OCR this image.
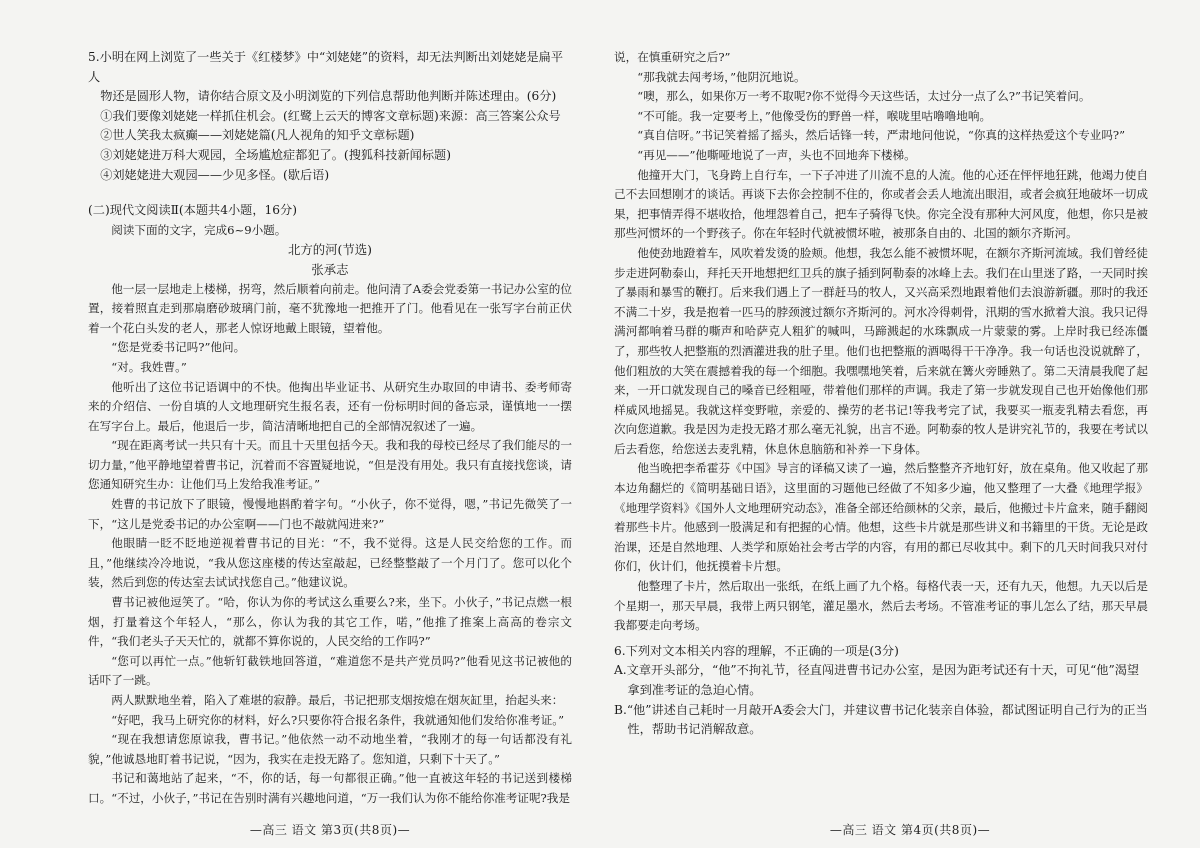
5.小明在网上浏览了一些关于《红楼梦》中“刘姥姥”的资料，却无法判断出刘姥姥是扁平人

物还是圆形人物，请你结合原文及小明浏览的下列信息帮助他判断并陈述理由。(6分)

①我们要像刘姥姥一样抓住机会。(红鹭上云天的博客文章标题)来源：高三答案公众号

②世人笑我太疯癫——刘姥姥篇(凡人视角的知乎文章标题)

③刘姥姥进万科大观园，全场尴尬症都犯了。(搜狐科技新闻标题)

④刘姥姥进大观园——少见多怪。(歇后语)

(二)现代文阅读Ⅱ(本题共4小题，16分)

阅读下面的文字，完成6~9小题。

北方的河(节选)

张承志

他一层一层地走上楼梯，拐弯，然后顺着向前走。他问清了A委会党委第一书记办公室的位置，接着照直走到那扇磨砂玻璃门前，毫不犹豫地一把推开了门。他看见在一张写字台前正伏着一个花白头发的老人，那老人惊讶地戴上眼镜，望着他。

“您是党委书记吗?”他问。

“对。我姓曹。”

他听出了这位书记语调中的不快。他掏出毕业证书、从研究生办取回的申请书、委考师寄来的介绍信、一份自填的人文地理研究生报名表，还有一份标明时间的备忘录，谨慎地一一摆在写字台上。最后，他退后一步，简洁清晰地把自己的全部情况叙述了一遍。

“现在距离考试一共只有十天。而且十天里包括今天。我和我的母校已经尽了我们能尽的一切力量，”他平静地望着曹书记，沉着而不容置疑地说，“但是没有用处。我只有直接找您谈，请您通知研究生办：让他们马上发给我准考证。”

姓曹的书记放下了眼镜，慢慢地斟酌着字句。“小伙子，你不觉得，嗯，”书记先微笑了一下，“这儿是党委书记的办公室啊——门也不敲就闯进来?”

他眼睛一眨不眨地逆视着曹书记的目光：“不，我不觉得。这是人民交给您的工作。而且，”他继续冷冷地说，“我从您这座楼的传达室敲起，已经整整敲了一个月门了。您可以化个装，然后到您的传达室去试试找您自己。”他建议说。

曹书记被他逗笑了。“哈，你认为你的考试这么重要么?来，坐下。小伙子，”书记点燃一根烟，打量着这个年轻人，“那么，你认为我的其它工作，喏，”他推了推案上高高的卷宗文件，“我们老头子天天忙的，就都不算你说的，人民交给的工作吗?”

“您可以再忙一点。”他斩钉截铁地回答道，“难道您不是共产党员吗?”他看见这书记被他的话吓了一跳。

两人默默地坐着，陷入了难堪的寂静。最后，书记把那支烟按熄在烟灰缸里，抬起头来：

“好吧，我马上研究你的材料，好么?只要你符合报名条件，我就通知他们发给你准考证。”

“现在我想请您原谅我，曹书记。”他依然一动不动地坐着，“我刚才的每一句话都没有礼貌，”他诚恳地盯着书记说，“因为，我实在走投无路了。您知道，只剩下十天了。”

书记和蔼地站了起来，“不，你的话，每一句都很正确。”他一直被这年轻的书记送到楼梯口。“不过，小伙子，”书记在告别时满有兴趣地问道，“万一我们认为你不能给你准考证呢?我是

—高三 语文 第3页(共8页)—

说，在慎重研究之后?”

“那我就去闯考场，”他阴沉地说。

“噢，那么，如果你万一考不取呢?你不觉得今天这些话，太过分一点了么?”书记笑着问。

“不可能。我一定要考上，”他像受伤的野兽一样，喉咙里咕噜噜地响。

“真自信呀。”书记笑着摇了摇头，然后话锋一转，严肃地问他说，“你真的这样热爱这个专业吗?”

“再见——”他嘶哑地说了一声，头也不回地奔下楼梯。

他撞开大门，飞身跨上自行车，一下子冲进了川流不息的人流。他的心还在怦怦地狂跳，他竭力使自己不去回想刚才的谈话。再谈下去你会控制不住的，你或者会丢人地流出眼泪，或者会疯狂地破坏一切成果，把事情弄得不堪收拾，他埋怨着自己，把车子骑得飞快。你完全没有那种大河风度，他想，你只是被那些河惯坏的一个野孩子。你在年轻时代就被惯坏啦，被那条自由的、北国的额尔齐斯河。

他使劲地蹬着车，风吹着发烫的脸颊。他想，我怎么能不被惯坏呢，在额尔齐斯河流域。我们曾经徒步走进阿勒泰山，拜托天开地想把红卫兵的旗子插到阿勒泰的冰峰上去。我们在山里迷了路，一天同时挨了暴雨和暴雪的鞭打。后来我们遇上了一群赶马的牧人，又兴高采烈地跟着他们去浪游新疆。那时的我还不满二十岁，我是抱着一匹马的脖颈渡过额尔齐斯河的。河水冷得刺骨，汛期的雪水掀着大浪。我只记得满河都响着马群的嘶声和哈萨克人粗犷的喊叫，马蹄溅起的水珠飘成一片蒙蒙的雾。上岸时我已经冻僵了，那些牧人把整瓶的烈酒灌进我的肚子里。他们也把整瓶的酒喝得干干净净。我一句话也没说就醉了，他们粗放的大笑在震撼着我的每一个细胞。我嘿嘿地笑着，后来就在篝火旁睡熟了。第二天清晨我爬了起来，一开口就发现自己的嗓音已经粗哑，带着他们那样的声调。我走了第一步就发现自己也开始像他们那样威风地摇晃。我就这样变野啦，亲爱的、操劳的老书记!等我考完了试，我要买一瓶麦乳精去看您，再次向您道歉。我是因为走投无路才那么毫无礼貌，出言不逊。阿勒泰的牧人是讲究礼节的，我要在考试以后去看您，给您送去麦乳精，休息休息脑筋和补养一下身体。

他当晚把李希霍芬《中国》导言的译稿又读了一遍，然后整整齐齐地钉好，放在桌角。他又收起了那本边角翻烂的《简明基础日语》，这里面的习题他已经做了不知多少遍，他又整理了一大叠《地理学报》《地理学资料》《国外人文地理研究动态》，准备全部还给颜林的父亲，最后，他搬过卡片盒来，随手翻阅着那些卡片。他感到一股满足和有把握的心情。他想，这些卡片就是那些讲义和书籍里的干货。无论是政治课，还是自然地理、人类学和原始社会考古学的内容，有用的都已尽收其中。剩下的几天时间我只对付你们，伙计们，他抚摸着卡片想。

他整理了卡片，然后取出一张纸，在纸上画了九个格。每格代表一天，还有九天，他想。九天以后是个星期一，那天早晨，我带上两只钢笔，灌足墨水，然后去考场。不管准考证的事儿怎么了结，那天早晨我都要走向考场。

6.下列对文本相关内容的理解，不正确的一项是(3分)

A.文章开头部分，“他”不拘礼节，径直闯进曹书记办公室，是因为距考试还有十天，可见“他”渴望拿到准考证的急迫心情。

B.“他”讲述自己耗时一月敲开A委会大门，并建议曹书记化装亲自体验，都试图证明自己行为的正当性，帮助书记消解敌意。

—高三 语文 第4页(共8页)—
